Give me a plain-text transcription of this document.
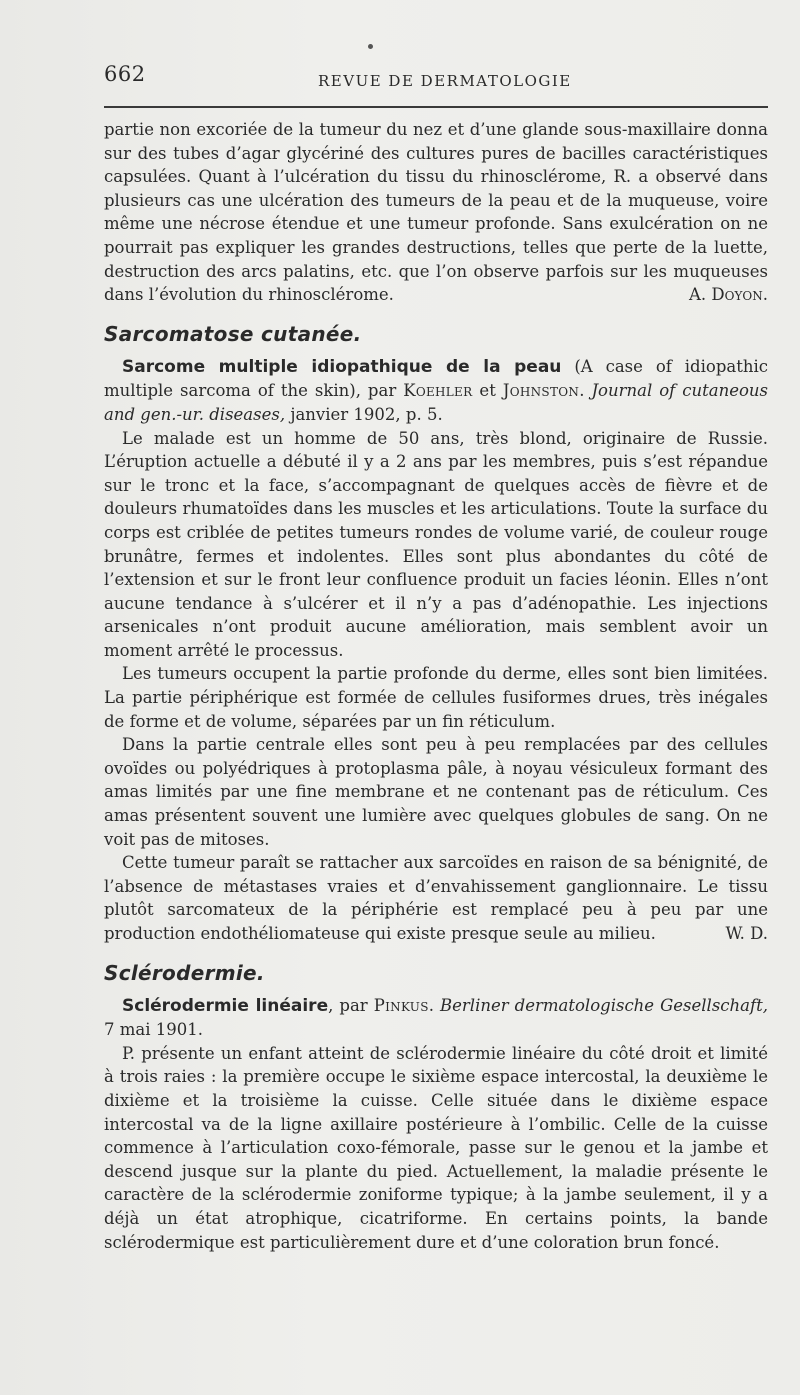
662	REVUE DE DERMATOLOGIE

partie non excoriée de la tumeur du nez et d’une glande sous-maxillaire donna sur des tubes d’agar glycériné des cultures pures de bacilles caractéristiques capsulées. Quant à l’ulcération du tissu du rhinosclérome, R. a observé dans plusieurs cas une ulcération des tumeurs de la peau et de la muqueuse, voire même une nécrose étendue et une tumeur profonde. Sans exulcération on ne pourrait pas expliquer les grandes destructions, telles que perte de la luette, destruction des arcs palatins, etc. que l’on observe parfois sur les muqueuses dans l’évolution du rhinosclérome.	A. Doyon.

Sarcomatose cutanée.

Sarcome multiple idiopathique de la peau (A case of idiopathic multiple sarcoma of the skin), par Koehler et Johnston. Journal of cutaneous and gen.-ur. diseases, janvier 1902, p. 5.

Le malade est un homme de 50 ans, très blond, originaire de Russie. L’éruption actuelle a débuté il y a 2 ans par les membres, puis s’est répandue sur le tronc et la face, s’accompagnant de quelques accès de fièvre et de douleurs rhumatoïdes dans les muscles et les articulations. Toute la surface du corps est criblée de petites tumeurs rondes de volume varié, de couleur rouge brunâtre, fermes et indolentes. Elles sont plus abondantes du côté de l’extension et sur le front leur confluence produit un facies léonin. Elles n’ont aucune tendance à s’ulcérer et il n’y a pas d’adénopathie. Les injections arsenicales n’ont produit aucune amélioration, mais semblent avoir un moment arrêté le processus.

Les tumeurs occupent la partie profonde du derme, elles sont bien limitées. La partie périphérique est formée de cellules fusiformes drues, très inégales de forme et de volume, séparées par un fin réticulum.

Dans la partie centrale elles sont peu à peu remplacées par des cellules ovoïdes ou polyédriques à protoplasma pâle, à noyau vésiculeux formant des amas limités par une fine membrane et ne contenant pas de réticulum. Ces amas présentent souvent une lumière avec quelques globules de sang. On ne voit pas de mitoses.

Cette tumeur paraît se rattacher aux sarcoïdes en raison de sa bénignité, de l’absence de métastases vraies et d’envahissement ganglionnaire. Le tissu plutôt sarcomateux de la périphérie est remplacé peu à peu par une production endothéliomateuse qui existe presque seule au milieu.	W. D.

Sclérodermie.

Sclérodermie linéaire, par Pinkus. Berliner dermatologische Gesellschaft, 7 mai 1901.

P. présente un enfant atteint de sclérodermie linéaire du côté droit et limité à trois raies : la première occupe le sixième espace intercostal, la deuxième le dixième et la troisième la cuisse. Celle située dans le dixième espace intercostal va de la ligne axillaire postérieure à l’ombilic. Celle de la cuisse commence à l’articulation coxo-fémorale, passe sur le genou et la jambe et descend jusque sur la plante du pied. Actuellement, la maladie présente le caractère de la sclérodermie zoniforme typique; à la jambe seulement, il y a déjà un état atrophique, cicatriforme. En certains points, la bande sclérodermique est particulièrement dure et d’une coloration brun foncé.
